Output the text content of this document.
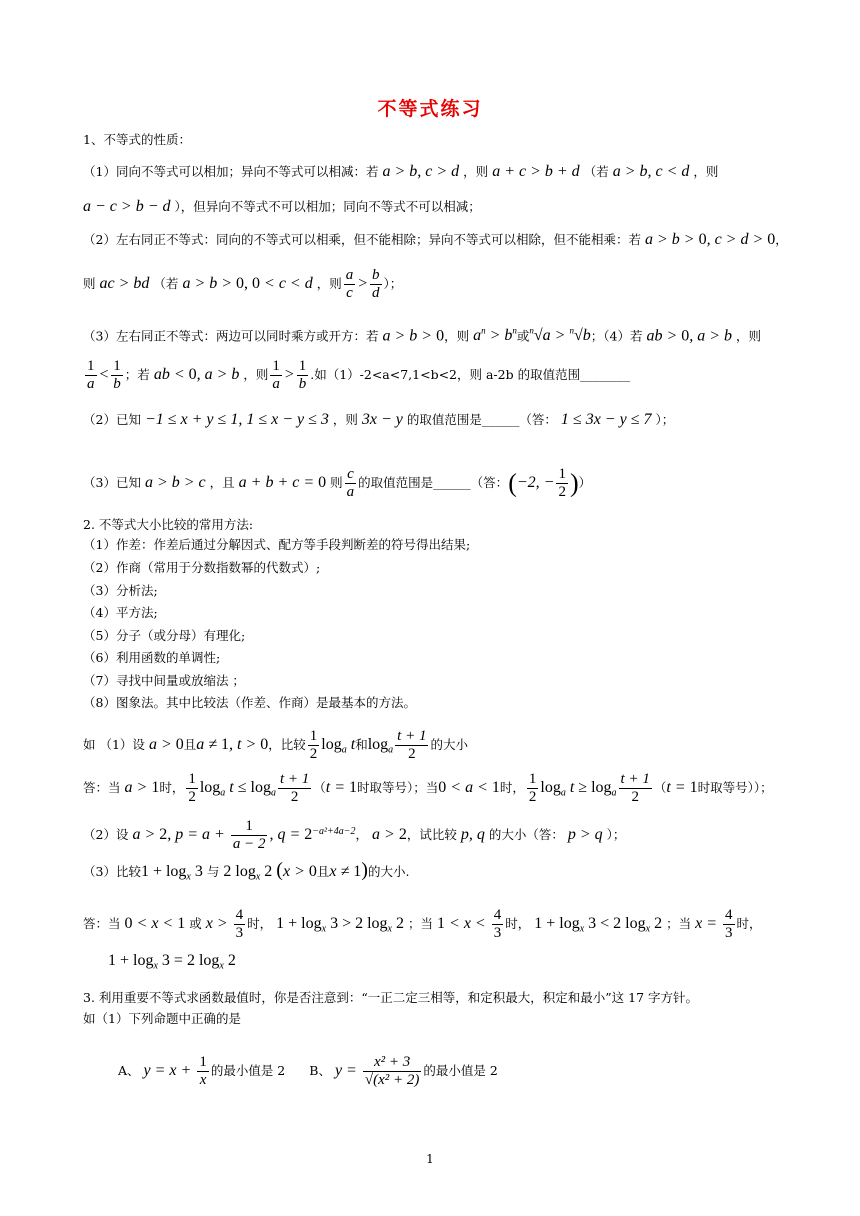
不等式练习
1、不等式的性质：
（1）同向不等式可以相加；异向不等式可以相减：若 a > b, c > d ，则 a + c > b + d （若 a > b, c < d ，则
a − c > b − d ），但异向不等式不可以相加；同向不等式不可以相减；
（2）左右同正不等式：同向的不等式可以相乘，但不能相除；异向不等式可以相除，但不能相乘：若 a > b > 0, c > d > 0，
则 ac > bd （若 a > b > 0, 0 < c < d ，则 $\frac{a}{c} > \frac{b}{d}$ ）；
（3）左右同正不等式：两边可以同时乘方或开方：若 a > b > 0，则 $a^n > b^n$或$^n$√a > $^n$√b；（4）若 ab > 0, a > b ，则
$\frac{1}{a} < \frac{1}{b}$ ；若 ab < 0, a > b ，则 $\frac{1}{a} > \frac{1}{b}$ .如（1）-2<a<7,1<b<2，则 a-2b 的取值范围________
（2）已知 −1 ≤ x + y ≤ 1, 1 ≤ x − y ≤ 3 ，则 3x − y 的取值范围是______（答： 1 ≤ 3x − y ≤ 7 ）；
（3）已知 a > b > c ，且 a + b + c = 0 则 $\frac{c}{a}$ 的取值范围是______（答：(−2, − $\frac{1}{2}$ )）
2. 不等式大小比较的常用方法:
（1）作差：作差后通过分解因式、配方等手段判断差的符号得出结果;
（2）作商（常用于分数指数幂的代数式）;
（3）分析法;
（4）平方法;
（5）分子（或分母）有理化;
（6）利用函数的单调性;
（7）寻找中间量或放缩法 ；
（8）图象法。其中比较法（作差、作商）是最基本的方法。
如 （1）设 a > 0且a ≠ 1, t > 0，比较 $\frac{1}{2} \log_a t$和$\log_a \frac{t + 1}{2}$ 的大小
答：当 a > 1时， $\frac{1}{2} \log_a t \le \log_a \frac{t + 1}{2} (t = 1$时取等号）；当0 < a < 1时， $\frac{1}{2} \log_a t \ge \log_a \frac{t + 1}{2} (t = 1$时取等号））；
（2）设 a > 2, $p = a + \frac{1}{a - 2}$ , $q = 2^{-a^2+4a-2}$， a > 2，试比较 p, q 的大小（答： p > q ）；
（3）比较$1 + \log_x 3$ 与 2 $\log_x 2$ (x > 0且x ≠ 1)的大小.
答：当 0 < x < 1 或 $x > \frac{4}{3}$ 时， $1 + \log_x 3 > 2$ $\log_x 2$ ；当 $1 < x < \frac{4}{3}$ 时， $1 + \log_x 3 < 2$ $\log_x 2$ ；当 $x = \frac{4}{3}$ 时，
$1 + \log_x 3 = 2$ $\log_x 2$
3. 利用重要不等式求函数最值时，你是否注意到：“一正二定三相等，和定积最大，积定和最小”这 17 字方针。
如（1）下列命题中正确的是
A、 $y = x + \frac{1}{x}$ 的最小值是 2 B、 $y = \frac{\text{x² + 3}}{\text{√(x² + 2)}}$ 的最小值是 2
1
